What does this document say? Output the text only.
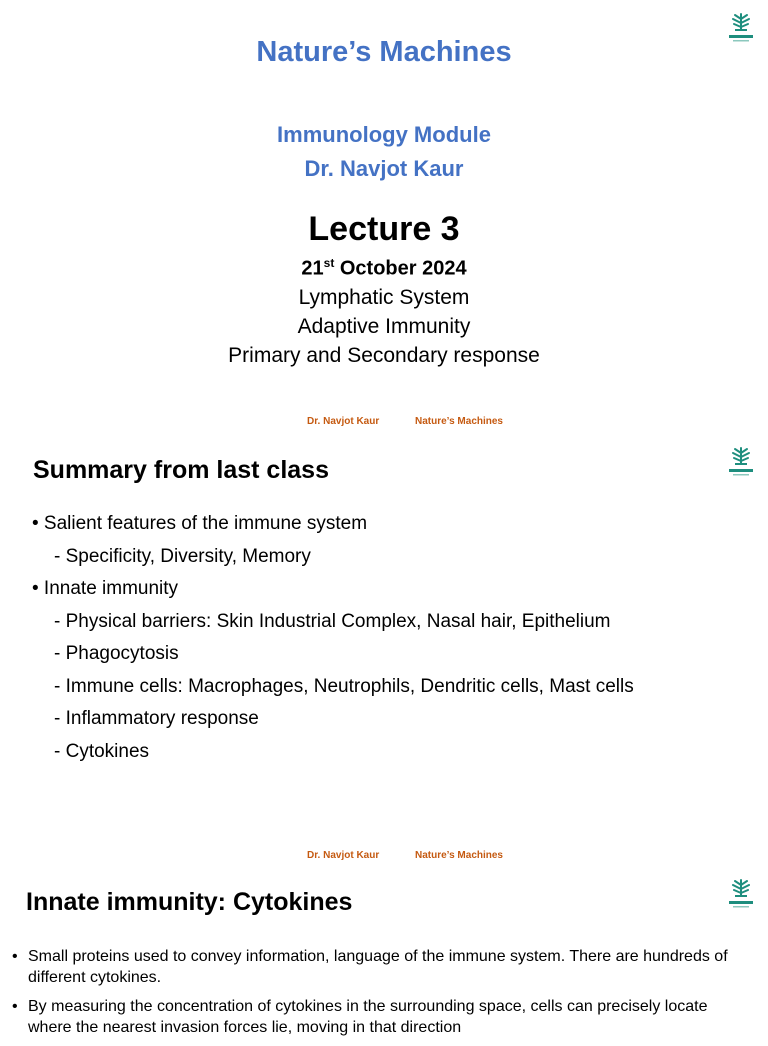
Nature’s Machines
Immunology Module
Dr. Navjot Kaur
Lecture 3
21st October 2024
Lymphatic System
Adaptive Immunity
Primary and Secondary response
Dr. Navjot Kaur	Nature’s Machines
Summary from last class
• Salient features of the immune system
- Specificity, Diversity, Memory
• Innate immunity
- Physical barriers: Skin Industrial Complex, Nasal hair, Epithelium
- Phagocytosis
- Immune cells: Macrophages, Neutrophils, Dendritic cells, Mast cells
- Inflammatory response
- Cytokines
Dr. Navjot Kaur	Nature’s Machines
Innate immunity: Cytokines
• Small proteins used to convey information, language of the immune system. There are hundreds of different cytokines.
• By measuring the concentration of cytokines in the surrounding space, cells can precisely locate where the nearest invasion forces lie, moving in that direction
